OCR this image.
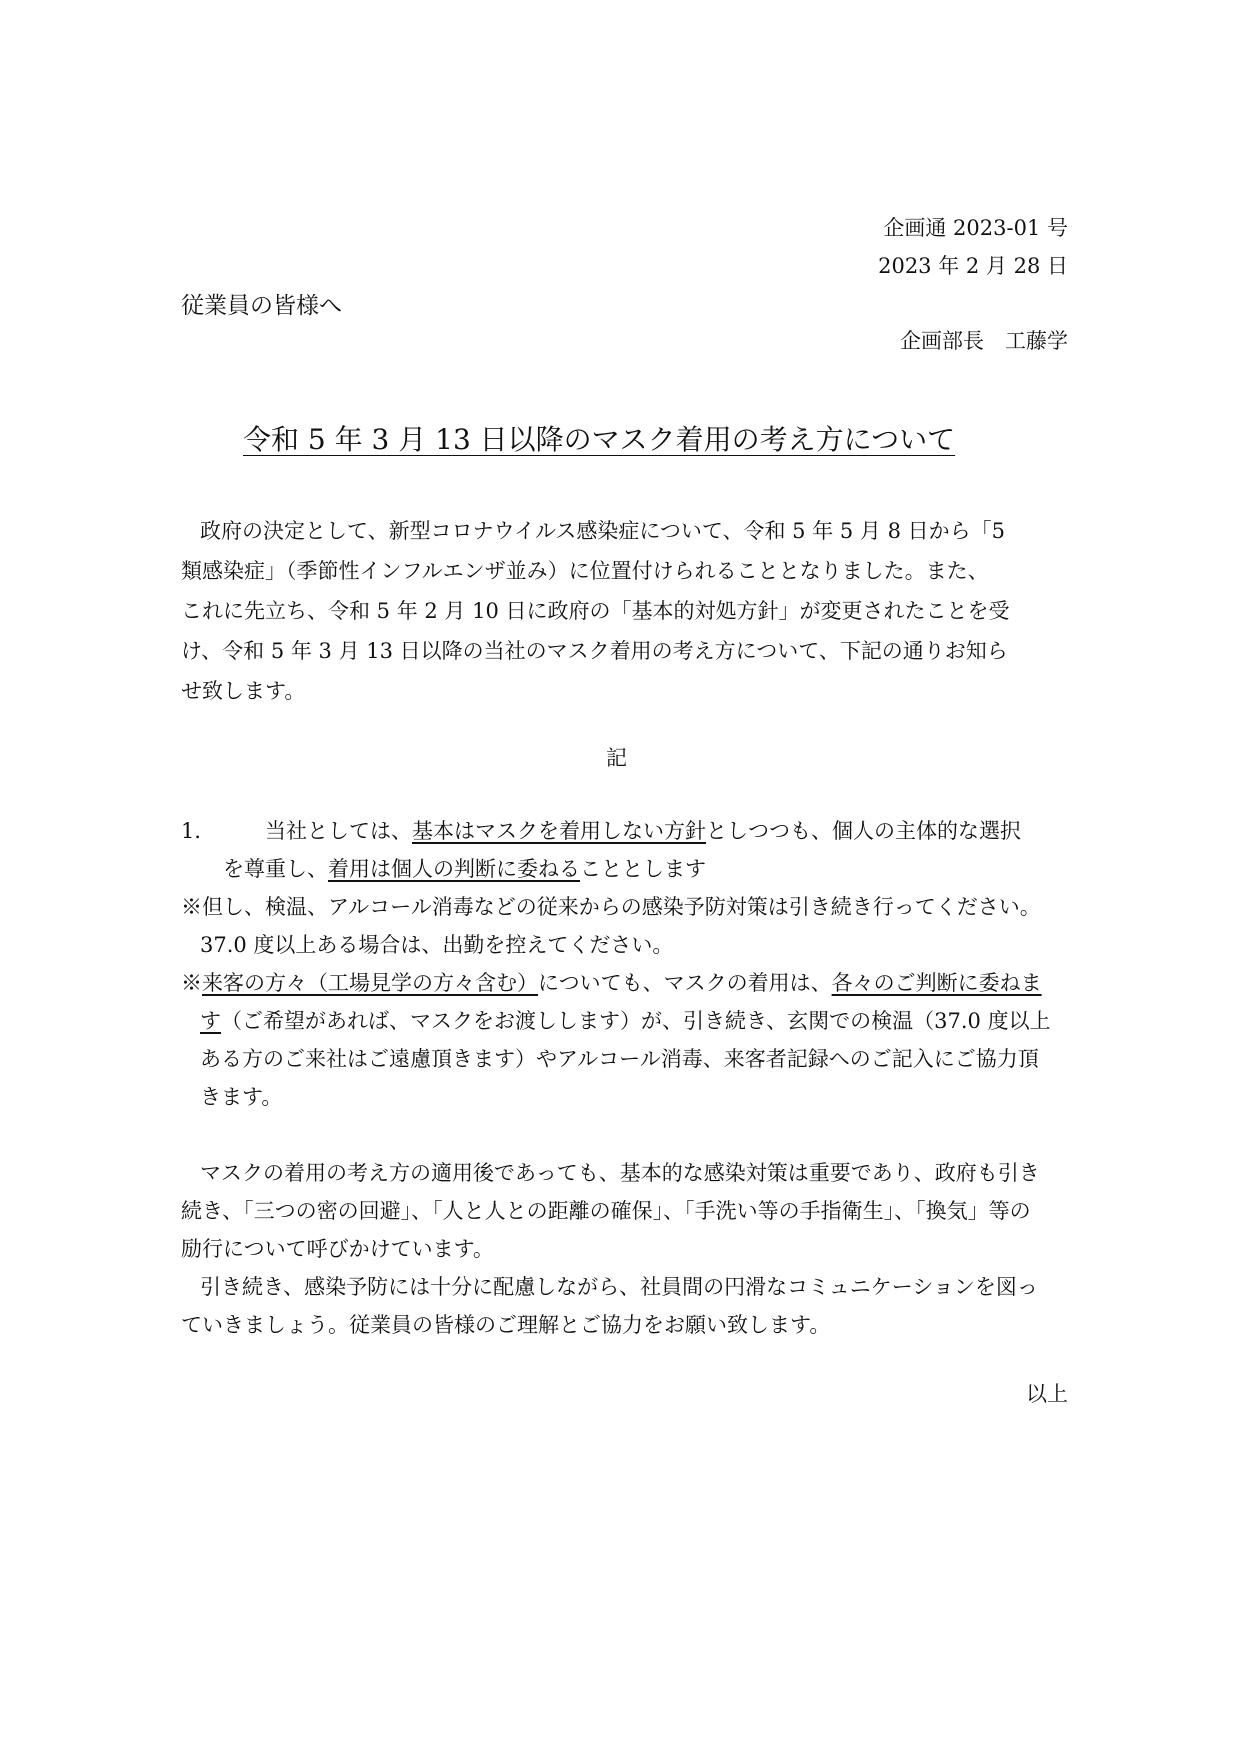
企画通 2023-01 号
2023 年 2 月 28 日
従業員の皆様へ
企画部長　工藤学
令和 5 年 3 月 13 日以降のマスク着用の考え方について
政府の決定として、新型コロナウイルス感染症について、令和 5 年 5 月 8 日から「5
類感染症」（季節性インフルエンザ並み）に位置付けられることとなりました。また、
これに先立ち、令和 5 年 2 月 10 日に政府の「基本的対処方針」が変更されたことを受
け、令和 5 年 3 月 13 日以降の当社のマスク着用の考え方について、下記の通りお知ら
せ致します。
記
1． 当社としては、基本はマスクを着用しない方針としつつも、個人の主体的な選択
を尊重し、着用は個人の判断に委ねることとします
※但し、検温、アルコール消毒などの従来からの感染予防対策は引き続き行ってください。
37.0 度以上ある場合は、出勤を控えてください。
※来客の方々（工場見学の方々含む）についても、マスクの着用は、各々のご判断に委ねま
す（ご希望があれば、マスクをお渡しします）が、引き続き、玄関での検温（37.0 度以上
ある方のご来社はご遠慮頂きます）やアルコール消毒、来客者記録へのご記入にご協力頂
きます。
マスクの着用の考え方の適用後であっても、基本的な感染対策は重要であり、政府も引き
続き、「三つの密の回避」、「人と人との距離の確保」、「手洗い等の手指衛生」、「換気」等の
励行について呼びかけています。
引き続き、感染予防には十分に配慮しながら、社員間の円滑なコミュニケーションを図っ
ていきましょう。従業員の皆様のご理解とご協力をお願い致します。
以上
